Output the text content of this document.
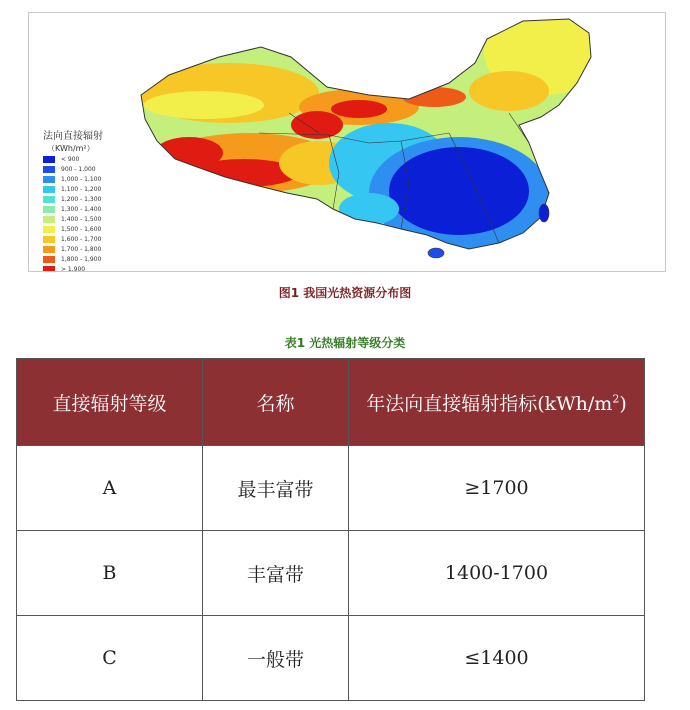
法向直接辐射
（KWh/m²）
< 900
900 - 1,000
1,000 - 1,100
1,100 - 1,200
1,200 - 1,300
1,300 - 1,400
1,400 - 1,500
1,500 - 1,600
1,600 - 1,700
1,700 - 1,800
1,800 - 1,900
> 1,900
图1 我国光热资源分布图
表1 光热辐射等级分类
直接辐射等级	名称	年法向直接辐射指标$(kWh/m^2)$
A	最丰富带	≥1700
B	丰富带	1400-1700
C	一般带	≤1400
